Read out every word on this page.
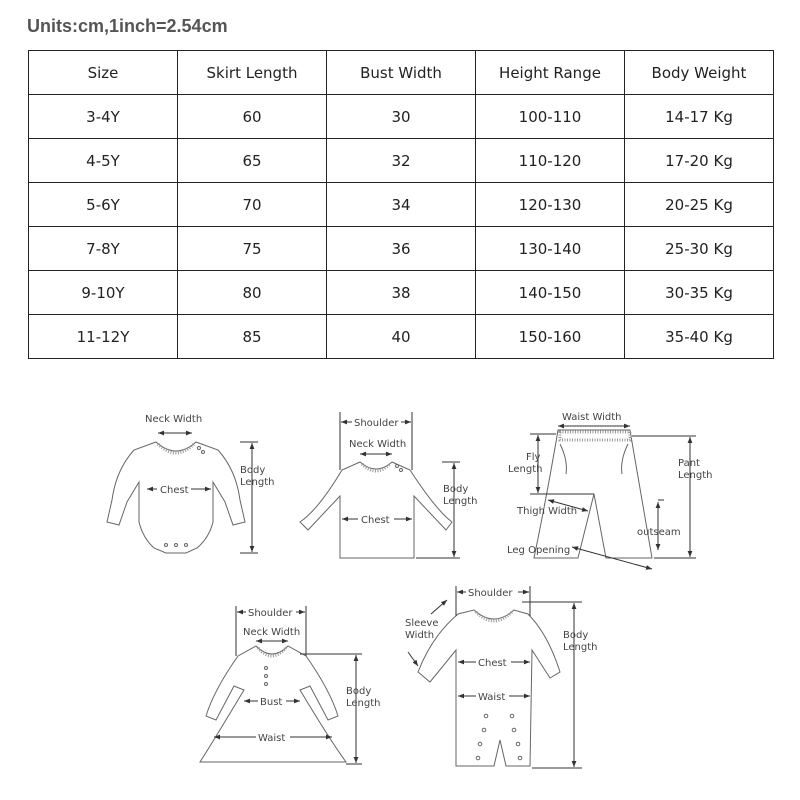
Units:cm,1inch=2.54cm
Size	Skirt Length	Bust Width	Height Range	Body Weight
3-4Y	60	30	100-110	14-17 Kg
4-5Y	65	32	110-120	17-20 Kg
5-6Y	70	34	120-130	20-25 Kg
7-8Y	75	36	130-140	25-30 Kg
9-10Y	80	38	140-150	30-35 Kg
11-12Y	85	40	150-160	35-40 Kg
Neck Width
Chest
Body
Length
Shoulder
Neck Width
Chest
Body
Length
Waist Width
Fly
Length
Pant
Length
Thigh Width
outseam
Leg Opening
Shoulder
Neck Width
Bust
Waist
Body
Length
Shoulder
Sleeve
Width
Chest
Waist
Body
Length
